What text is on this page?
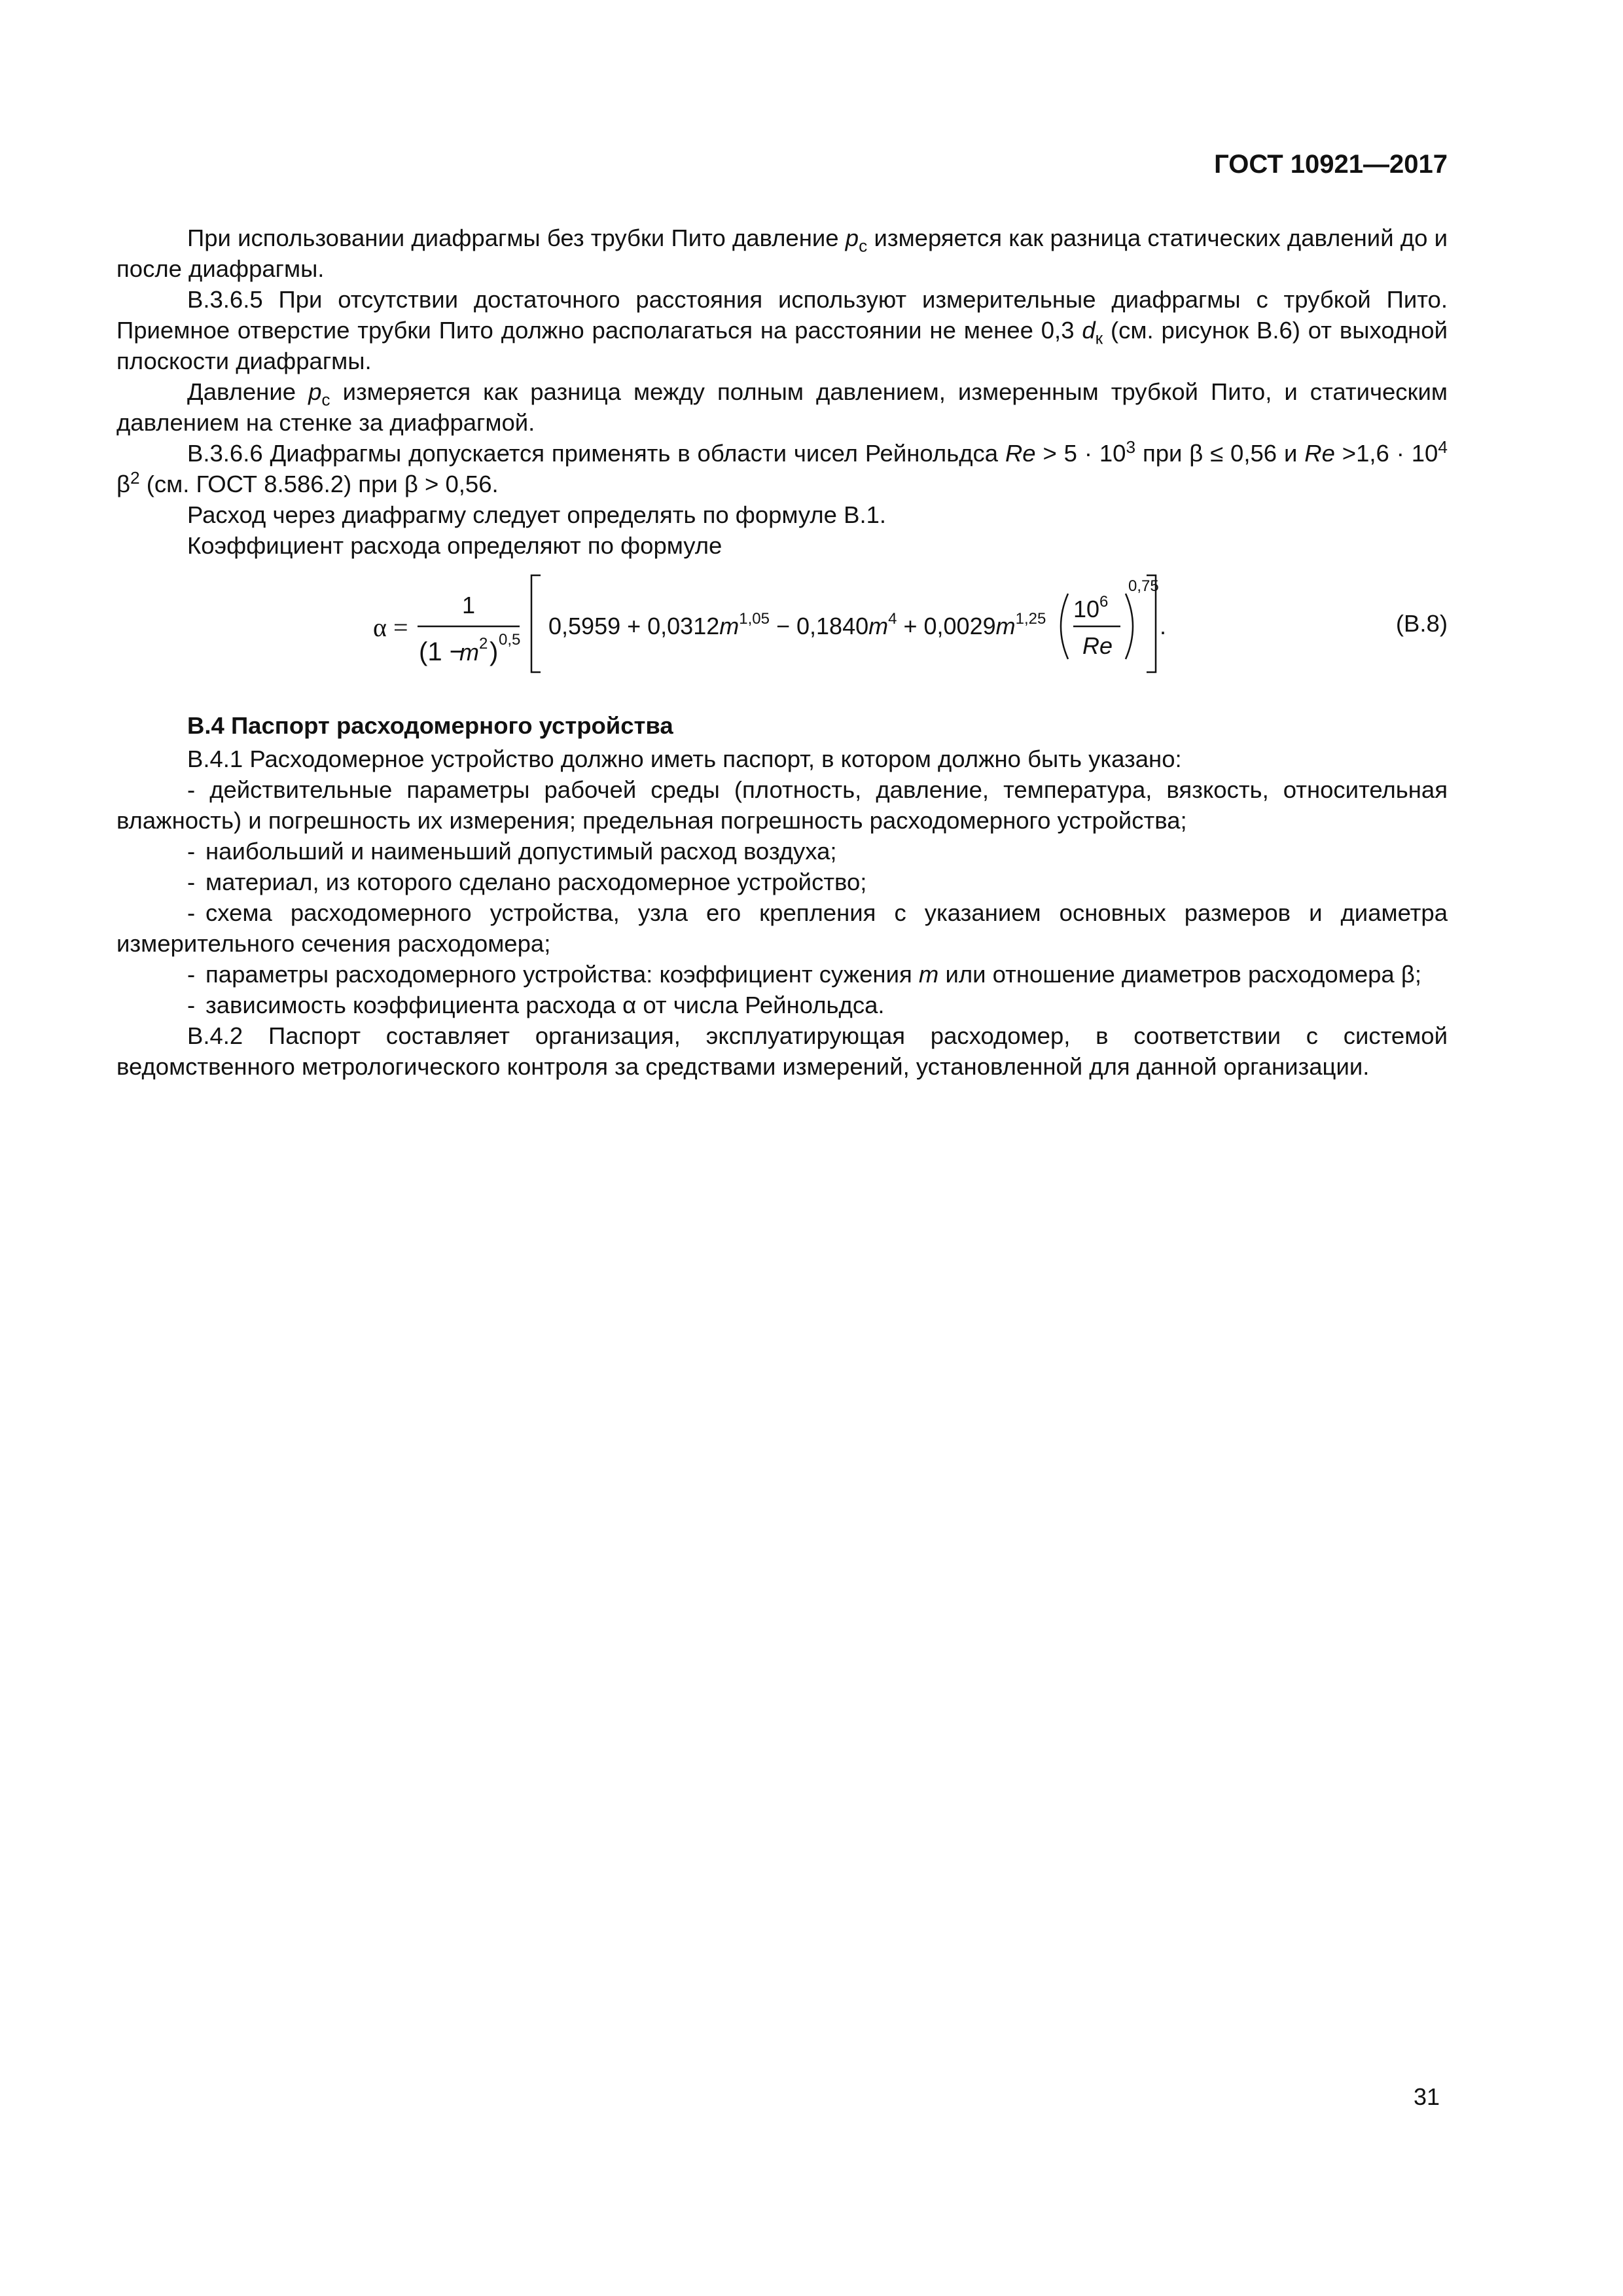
ГОСТ 10921—2017

При использовании диафрагмы без трубки Пито давление $p_c$ измеряется как разница статических давлений до и после диафрагмы.

В.3.6.5 При отсутствии достаточного расстояния используют измерительные диафрагмы с трубкой Пито. Приемное отверстие трубки Пито должно располагаться на расстоянии не менее 0,3 $d_к$ (см. рисунок В.6) от выходной плоскости диафрагмы.

Давление $p_c$ измеряется как разница между полным давлением, измеренным трубкой Пито, и статическим давлением на стенке за диафрагмой.

В.3.6.6 Диафрагмы допускается применять в области чисел Рейнольдса $Re > 5 \cdot 10^3$ при β ≤ 0,56 и $Re >1,6 \cdot 10^4$ $\beta^2$ (см. ГОСТ 8.586.2) при β > 0,56.

Расход через диафрагму следует определять по формуле В.1.

Коэффициент расхода определяют по формуле

α =
1
(1 −
m 2 ) 0,5
$0,5959 + 0,0312m^{1,05} - 0,1840m^4 + 0,0029m^{1,25}$ $10^6$
Re
0,75
.	(В.8)

В.4 Паспорт расходомерного устройства

В.4.1 Расходомерное устройство должно иметь паспорт, в котором должно быть указано:

- действительные параметры рабочей среды (плотность, давление, температура, вязкость, относительная влажность) и погрешность их измерения; предельная погрешность расходомерного устройства;

- наибольший и наименьший допустимый расход воздуха;

- материал, из которого сделано расходомерное устройство;

- схема расходомерного устройства, узла его крепления с указанием основных размеров и диаметра измерительного сечения расходомера;

- параметры расходомерного устройства: коэффициент сужения m или отношение диаметров расходомера β;

- зависимость коэффициента расхода α от числа Рейнольдса.

В.4.2 Паспорт составляет организация, эксплуатирующая расходомер, в соответствии с системой ведомственного метрологического контроля за средствами измерений, установленной для данной организации.

31
